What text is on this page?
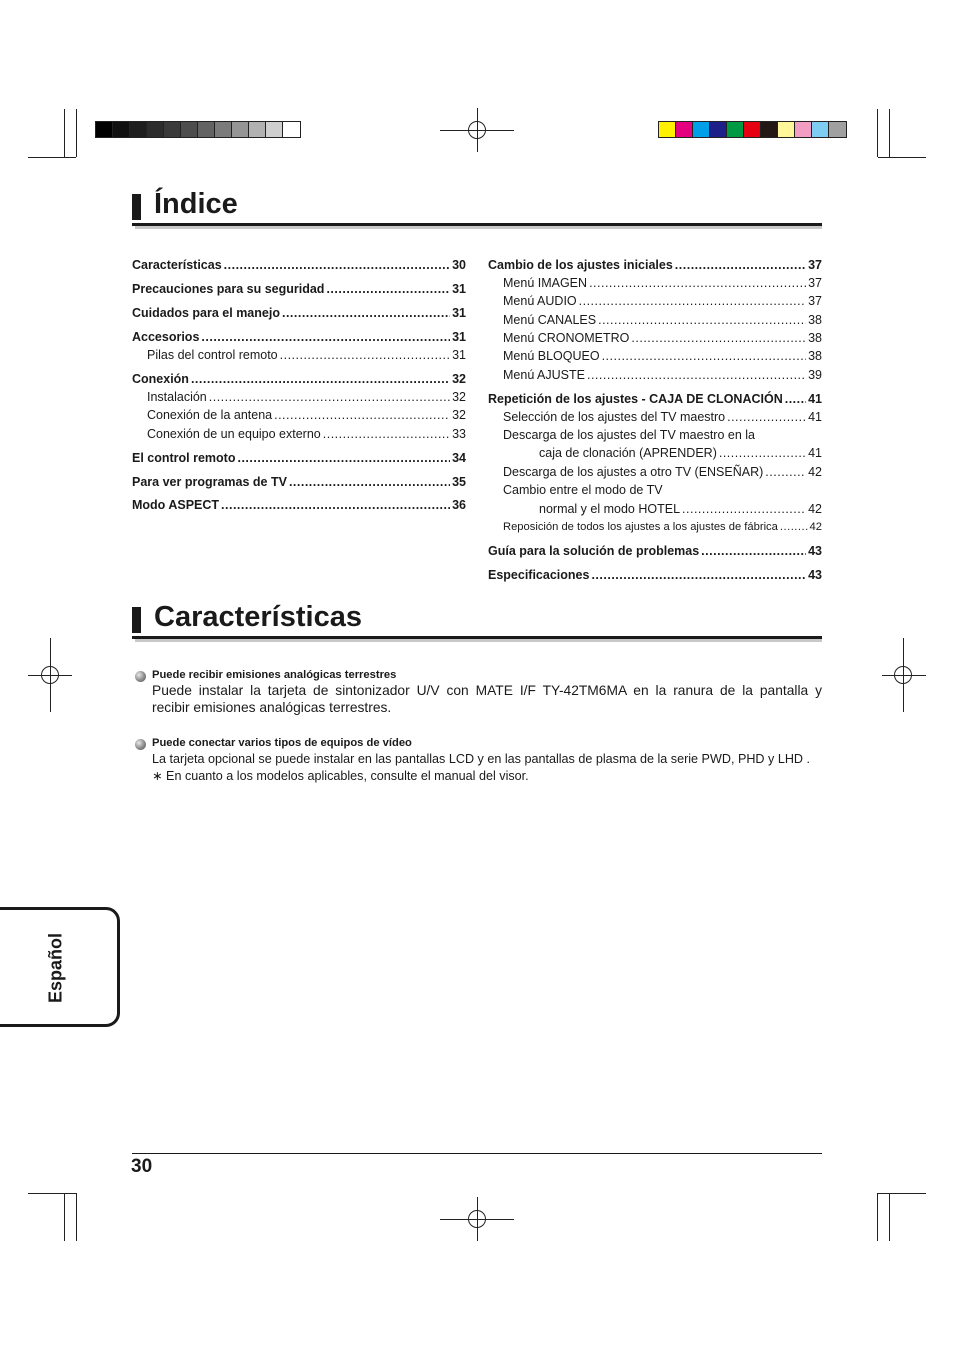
Índice
Características .....	30
Precauciones para su seguridad .....	31
Cuidados para el manejo .....	31
Accesorios .....	31
Pilas del control remoto .....	31
Conexión .....	32
Instalación .....	32
Conexión de la antena .....	32
Conexión de un equipo externo .....	33
El control remoto .....	34
Para ver programas de TV .....	35
Modo ASPECT .....	36
Cambio de los ajustes iniciales .....	37
Menú IMAGEN .....	37
Menú AUDIO .....	37
Menú CANALES .....	38
Menú CRONOMETRO .....	38
Menú BLOQUEO .....	38
Menú AJUSTE .....	39
Repetición de los ajustes - CAJA DE CLONACIÓN ..... 41
Selección de los ajustes del TV maestro .....	41
Descarga de los ajustes del TV maestro en la
caja de clonación (APRENDER) .....	41
Descarga de los ajustes a otro TV (ENSEÑAR) .....	42
Cambio entre el modo de TV
normal y el modo HOTEL .....	42
Reposición de todos los ajustes a los ajustes de fábrica .....	42
Guía para la solución de problemas .....	43
Especificaciones .....	43
Características
Puede recibir emisiones analógicas terrestres
Puede instalar la tarjeta de sintonizador U/V con MATE I/F TY-42TM6MA en la ranura de la pantalla y
recibir emisiones analógicas terrestres.
Puede conectar varios tipos de equipos de vídeo
La tarjeta opcional se puede instalar en las pantallas LCD y en las pantallas de plasma de la serie PWD, PHD y LHD .
∗ En cuanto a los modelos aplicables, consulte el manual del visor.
Español
30
